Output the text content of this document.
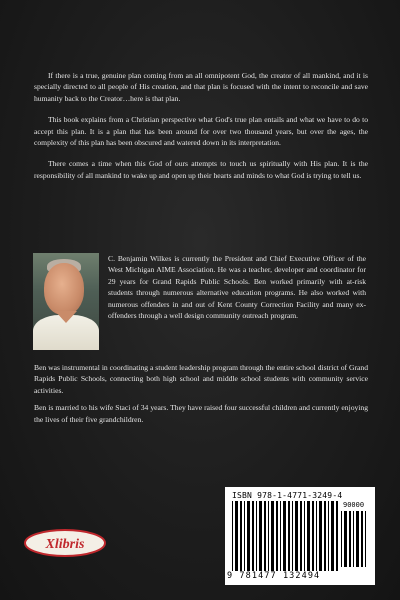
If there is a true, genuine plan coming from an all omnipotent God, the creator of all mankind, and it is specially directed to all people of His creation, and that plan is focused with the intent to reconcile and save humanity back to the Creator…here is that plan.

This book explains from a Christian perspective what God's true plan entails and what we have to do to accept this plan. It is a plan that has been around for over two thousand years, but over the ages, the complexity of this plan has been obscured and watered down in its interpretation.

There comes a time when this God of ours attempts to touch us spiritually with His plan. It is the responsibility of all mankind to wake up and open up their hearts and minds to what God is trying to tell us.

C. Benjamin Wilkes is currently the President and Chief Executive Officer of the West Michigan AIME Association. He was a teacher, developer and coordinator for 29 years for Grand Rapids Public Schools. Ben worked primarily with at-risk students through numerous alternative education programs. He also worked with numerous offenders in and out of Kent County Correction Facility and many ex-offenders through a well design community outreach program.

Ben was instrumental in coordinating a student leadership program through the entire school district of Grand Rapids Public Schools, connecting both high school and middle school students with community service activities.

Ben is married to his wife Staci of 34 years. They have raised four successful children and currently enjoying the lives of their five grandchildren.

Xlibris
ISBN 978-1-4771-3249-4
90000
9 781477 132494
